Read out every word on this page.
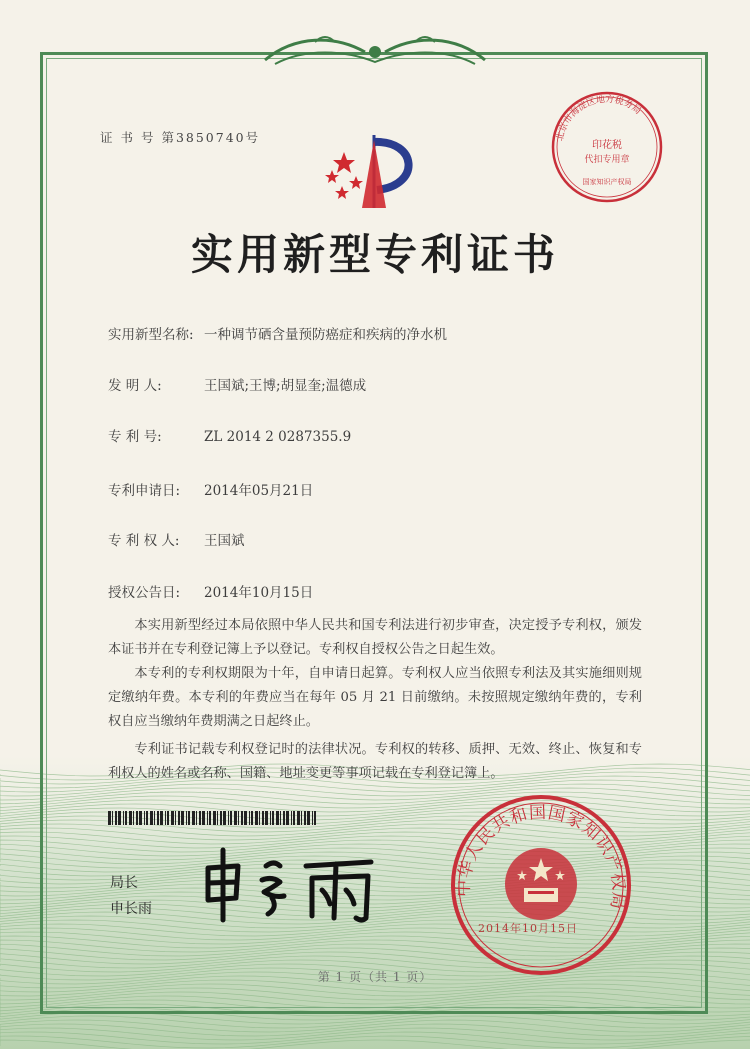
北京市海淀区地方税务局
印花税
代扣专用章
国家知识产权局
证 书 号 第3850740号
实用新型专利证书
实用新型名称: 一种调节硒含量预防癌症和疾病的净水机
发 明 人:	王国斌;王博;胡显奎;温德成
专 利 号:	ZL 2014 2 0287355.9
专利申请日: 2014年05月21日
专 利 权 人: 王国斌
授权公告日: 2014年10月15日

本实用新型经过本局依照中华人民共和国专利法进行初步审查，决定授予专利权，颁发本证书并在专利登记簿上予以登记。专利权自授权公告之日起生效。

本专利的专利权期限为十年，自申请日起算。专利权人应当依照专利法及其实施细则规定缴纳年费。本专利的年费应当在每年 05 月 21 日前缴纳。未按照规定缴纳年费的，专利权自应当缴纳年费期满之日起终止。

专利证书记载专利权登记时的法律状况。专利权的转移、质押、无效、终止、恢复和专利权人的姓名或名称、国籍、地址变更等事项记载在专利登记簿上。

局长
申长雨
中华人民共和国国家知识产权局
2014年10月15日
第 1 页（共 1 页）
